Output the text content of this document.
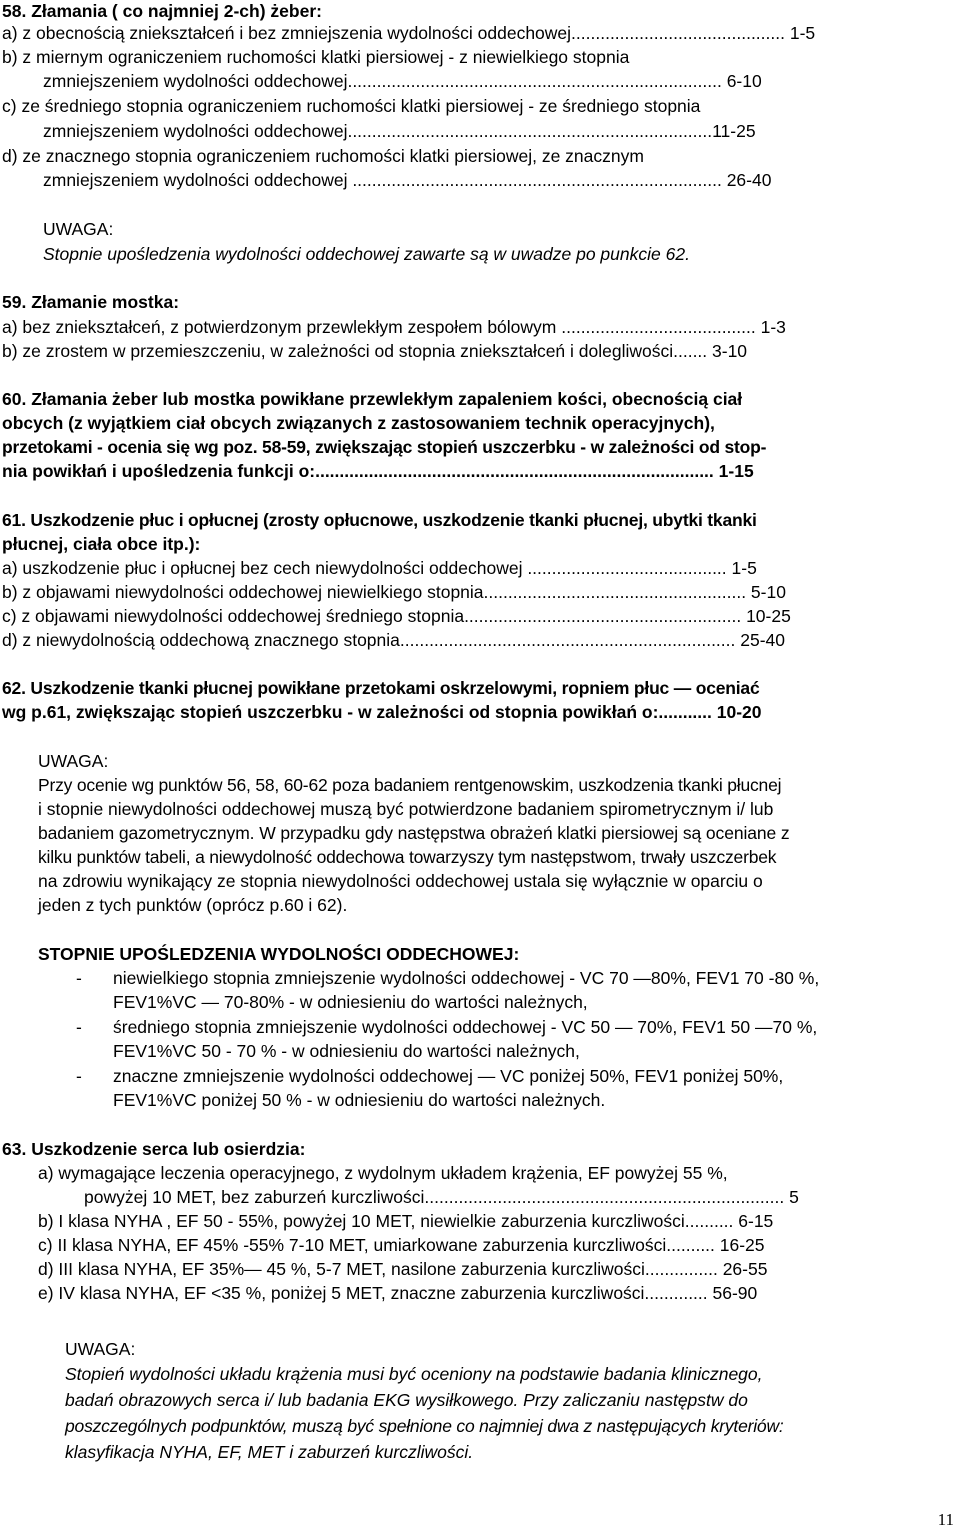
58. Złamania ( co najmniej 2-ch) żeber:
a) z obecnością zniekształceń i bez zmniejszenia wydolności oddechowej............................................ 1-5
b) z miernym ograniczeniem ruchomości klatki piersiowej - z niewielkiego stopnia
zmniejszeniem wydolności oddechowej............................................................................. 6-10
c) ze średniego stopnia ograniczeniem ruchomości klatki piersiowej - ze średniego stopnia
zmniejszeniem wydolności oddechowej...........................................................................11-25
d) ze znacznego stopnia ograniczeniem ruchomości klatki piersiowej, ze znacznym
zmniejszeniem wydolności oddechowej ............................................................................ 26-40
UWAGA:
Stopnie upośledzenia wydolności oddechowej zawarte są w uwadze po punkcie 62.
59. Złamanie mostka:
a) bez zniekształceń, z potwierdzonym przewlekłym zespołem bólowym ........................................ 1-3
b) ze zrostem w przemieszczeniu, w zależności od stopnia zniekształceń i dolegliwości....... 3-10
60. Złamania żeber lub mostka powikłane przewlekłym zapaleniem kości, obecnością ciał
obcych (z wyjątkiem ciał obcych związanych z zastosowaniem technik operacyjnych),
przetokami - ocenia się wg poz. 58-59, zwiększając stopień uszczerbku - w zależności od stop-
nia powikłań i upośledzenia funkcji o:.................................................................................. 1-15
61. Uszkodzenie płuc i opłucnej (zrosty opłucnowe, uszkodzenie tkanki płucnej, ubytki tkanki
płucnej, ciała obce itp.):
a) uszkodzenie płuc i opłucnej bez cech niewydolności oddechowej ......................................... 1-5
b) z objawami niewydolności oddechowej niewielkiego stopnia...................................................... 5-10
c) z objawami niewydolności oddechowej średniego stopnia......................................................... 10-25
d) z niewydolnością oddechową znacznego stopnia..................................................................... 25-40
62. Uszkodzenie tkanki płucnej powikłane przetokami oskrzelowymi, ropniem płuc — oceniać
wg p.61, zwiększając stopień uszczerbku - w zależności od stopnia powikłań o:........... 10-20
UWAGA:
Przy ocenie wg punktów 56, 58, 60-62 poza badaniem rentgenowskim, uszkodzenia tkanki płucnej
i stopnie niewydolności oddechowej muszą być potwierdzone badaniem spirometrycznym i/ lub
badaniem gazometrycznym. W przypadku gdy następstwa obrażeń klatki piersiowej są oceniane z
kilku punktów tabeli, a niewydolność oddechowa towarzyszy tym następstwom, trwały uszczerbek
na zdrowiu wynikający ze stopnia niewydolności oddechowej ustala się wyłącznie w oparciu o
jeden z tych punktów (oprócz p.60 i 62).
STOPNIE UPOŚLEDZENIA WYDOLNOŚCI ODDECHOWEJ:
- niewielkiego stopnia zmniejszenie wydolności oddechowej - VC 70 —80%, FEV1 70 -80 %,
FEV1%VC — 70-80% - w odniesieniu do wartości należnych,
- średniego stopnia zmniejszenie wydolności oddechowej - VC 50 — 70%, FEV1 50 —70 %,
FEV1%VC 50 - 70 % - w odniesieniu do wartości należnych,
- znaczne zmniejszenie wydolności oddechowej — VC poniżej 50%, FEV1 poniżej 50%,
FEV1%VC poniżej 50 % - w odniesieniu do wartości należnych.
63. Uszkodzenie serca lub osierdzia:
a) wymagające leczenia operacyjnego, z wydolnym układem krążenia, EF powyżej 55 %,
powyżej 10 MET, bez zaburzeń kurczliwości.......................................................................... 5
b) I klasa NYHA , EF 50 - 55%, powyżej 10 MET, niewielkie zaburzenia kurczliwości.......... 6-15
c) II klasa NYHA, EF 45% -55% 7-10 MET, umiarkowane zaburzenia kurczliwości.......... 16-25
d) III klasa NYHA, EF 35%— 45 %, 5-7 MET, nasilone zaburzenia kurczliwości............... 26-55
e) IV klasa NYHA, EF <35 %, poniżej 5 MET, znaczne zaburzenia kurczliwości............. 56-90
UWAGA:
Stopień wydolności układu krążenia musi być oceniony na podstawie badania klinicznego,
badań obrazowych serca i/ lub badania EKG wysiłkowego. Przy zaliczaniu następstw do
poszczególnych podpunktów, muszą być spełnione co najmniej dwa z następujących kryteriów:
klasyfikacja NYHA, EF, MET i zaburzeń kurczliwości.
11
